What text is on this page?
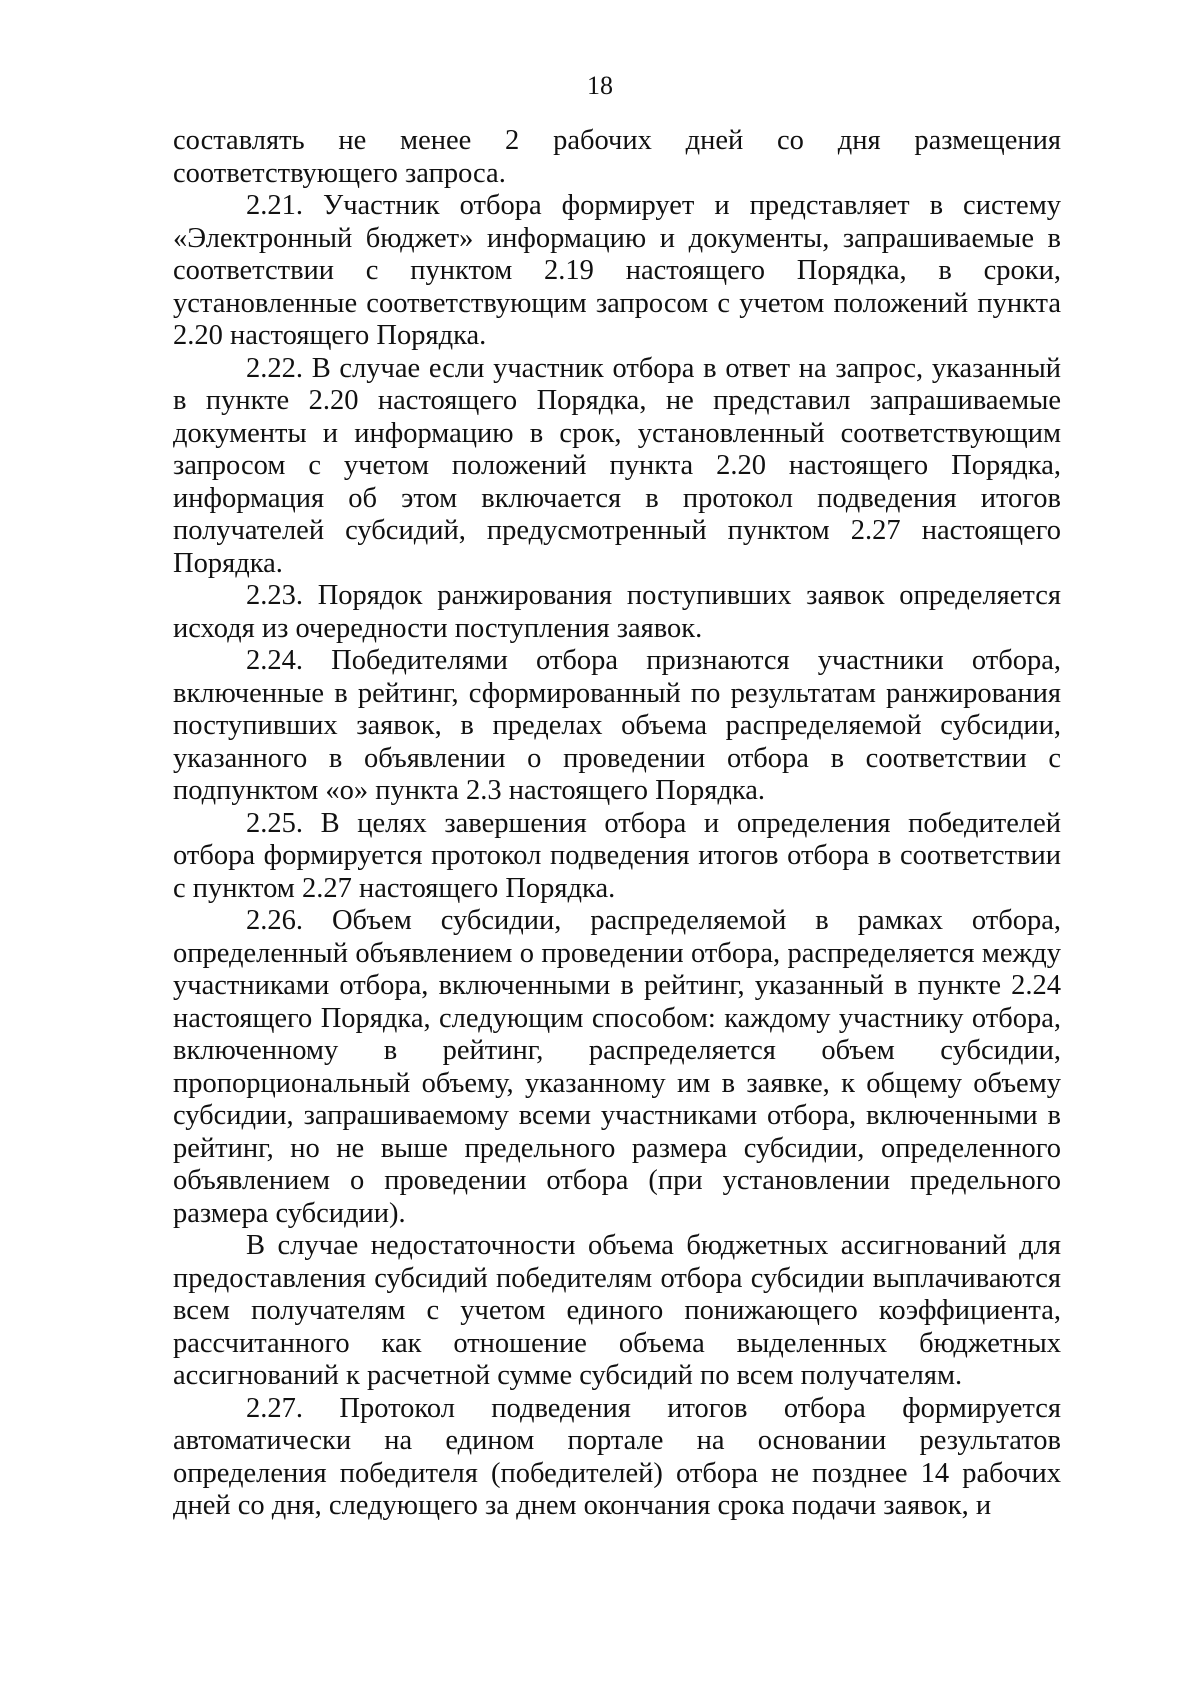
18

составлять не менее 2 рабочих дней со дня размещения соответствующего запроса.

2.21. Участник отбора формирует и представляет в систему «Электронный бюджет» информацию и документы, запрашиваемые в соответствии с пунктом 2.19 настоящего Порядка, в сроки, установленные соответствующим запросом с учетом положений пункта 2.20 настоящего Порядка.

2.22. В случае если участник отбора в ответ на запрос, указанный в пункте 2.20 настоящего Порядка, не представил запрашиваемые документы и информацию в срок, установленный соответствующим запросом с учетом положений пункта 2.20 настоящего Порядка, информация об этом включается в протокол подведения итогов получателей субсидий, предусмотренный пунктом 2.27 настоящего Порядка.

2.23. Порядок ранжирования поступивших заявок определяется исходя из очередности поступления заявок.

2.24. Победителями отбора признаются участники отбора, включенные в рейтинг, сформированный по результатам ранжирования поступивших заявок, в пределах объема распределяемой субсидии, указанного в объявлении о проведении отбора в соответствии с подпунктом «о» пункта 2.3 настоящего Порядка.

2.25. В целях завершения отбора и определения победителей отбора формируется протокол подведения итогов отбора в соответствии с пунктом 2.27 настоящего Порядка.

2.26. Объем субсидии, распределяемой в рамках отбора, определенный объявлением о проведении отбора, распределяется между участниками отбора, включенными в рейтинг, указанный в пункте 2.24 настоящего Порядка, следующим способом: каждому участнику отбора, включенному в рейтинг, распределяется объем субсидии, пропорциональный объему, указанному им в заявке, к общему объему субсидии, запрашиваемому всеми участниками отбора, включенными в рейтинг, но не выше предельного размера субсидии, определенного объявлением о проведении отбора (при установлении предельного размера субсидии).

В случае недостаточности объема бюджетных ассигнований для предоставления субсидий победителям отбора субсидии выплачиваются всем получателям с учетом единого понижающего коэффициента, рассчитанного как отношение объема выделенных бюджетных ассигнований к расчетной сумме субсидий по всем получателям.

2.27. Протокол подведения итогов отбора формируется автоматически на едином портале на основании результатов определения победителя (победителей) отбора не позднее 14 рабочих дней со дня, следующего за днем окончания срока подачи заявок, и
